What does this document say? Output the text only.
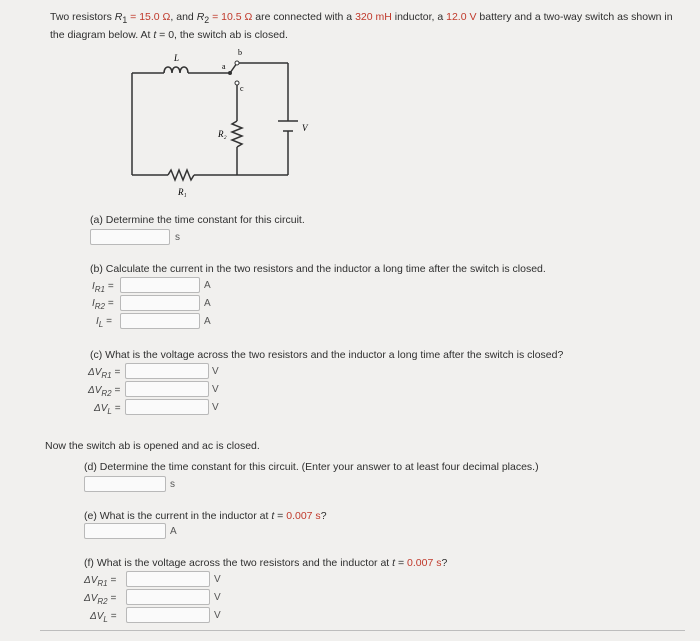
Two resistors $R_1 = 15.0$ Ω, and $R_2 = 10.5$ Ω are connected with a 320 mH inductor, a 12.0 V battery and a two-way switch as shown in the diagram below. At t = 0, the switch ab is closed.
L
a
b
c
R₂
R₁
V
(a) Determine the time constant for this circuit.
s
(b) Calculate the current in the two resistors and the inductor a long time after the switch is closed.
$I_{R1}$ =	A
$I_{R2}$ =	A
$I_L$ =	A
(c) What is the voltage across the two resistors and the inductor a long time after the switch is closed?
$\Delta V_{R1}$ =	V
$\Delta V_{R2}$ =	V
$\Delta V_L$ =	V
Now the switch ab is opened and ac is closed.
(d) Determine the time constant for this circuit. (Enter your answer to at least four decimal places.)
s
(e) What is the current in the inductor at t = 0.007 s?
A
(f) What is the voltage across the two resistors and the inductor at t = 0.007 s?
$\Delta V_{R1}$ =	V
$\Delta V_{R2}$ =	V
$\Delta V_L$ =	V
